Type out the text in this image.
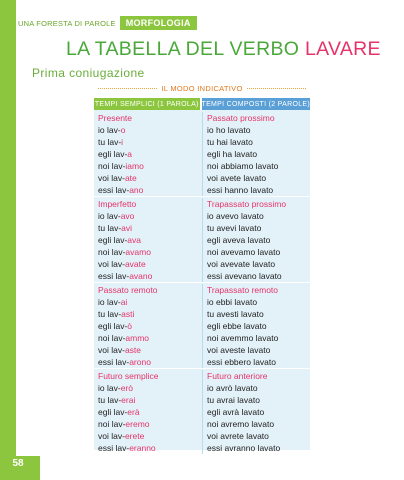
58
UNA FORESTA DI PAROLE	MORFOLOGIA
LA TABELLA DEL VERBO LAVARE
Prima coniugazione
IL MODO INDICATIVO
TEMPI SEMPLICI (1 PAROLA) TEMPI COMPOSTI (2 PAROLE)
Presente
io lav-o
tu lav-i
egli lav-a
noi lav-iamo
voi lav-ate
essi lav-ano
Passato prossimo
io ho lavato
tu hai lavato
egli ha lavato
noi abbiamo lavato
voi avete lavato
essi hanno lavato
Imperfetto
io lav-avo
tu lav-avi
egli lav-ava
noi lav-avamo
voi lav-avate
essi lav-avano
Trapassato prossimo
io avevo lavato
tu avevi lavato
egli aveva lavato
noi avevamo lavato
voi avevate lavato
essi avevano lavato
Passato remoto
io lav-ai
tu lav-asti
egli lav-ò
noi lav-ammo
voi lav-aste
essi lav-arono
Trapassato remoto
io ebbi lavato
tu avesti lavato
egli ebbe lavato
noi avemmo lavato
voi aveste lavato
essi ebbero lavato
Futuro semplice
io lav-erò
tu lav-erai
egli lav-erà
noi lav-eremo
voi lav-erete
essi lav-eranno
Futuro anteriore
io avrò lavato
tu avrai lavato
egli avrà lavato
noi avremo lavato
voi avrete lavato
essi avranno lavato
